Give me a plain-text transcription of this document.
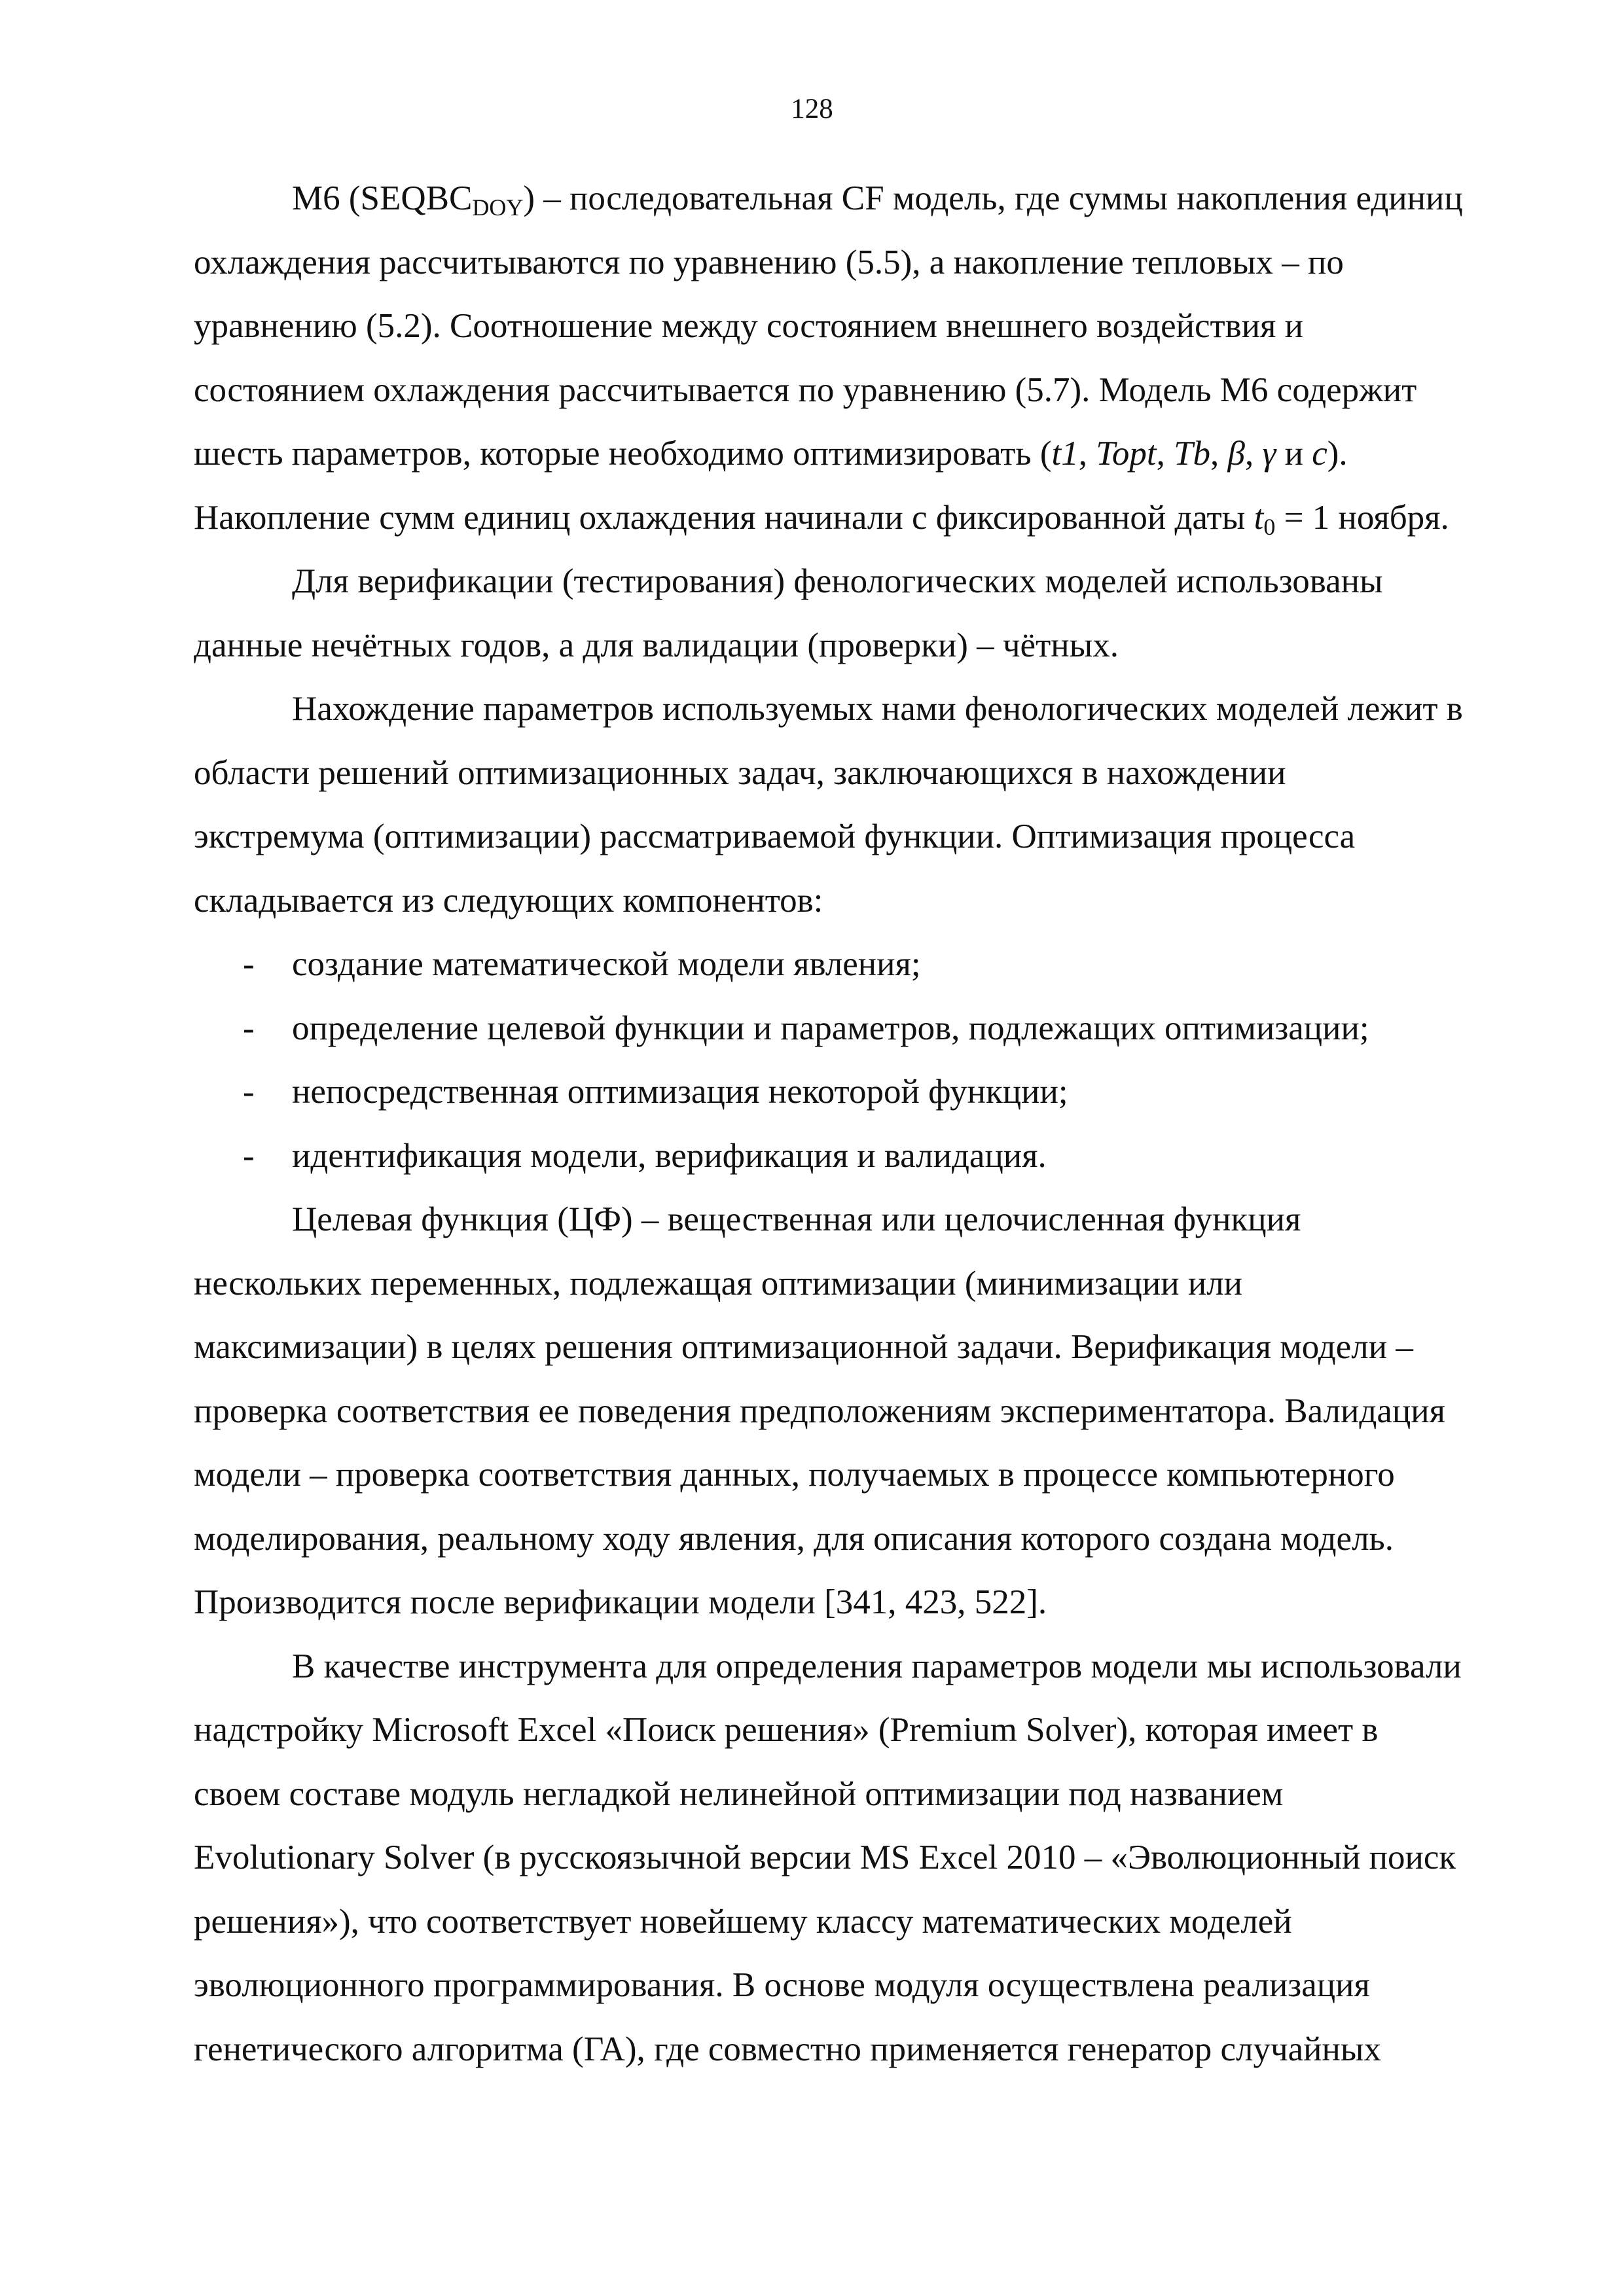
128

М6 $(SEQBC_{DOY})$ – последовательная CF модель, где суммы накопления единиц
охлаждения рассчитываются по уравнению (5.5), а накопление тепловых – по
уравнению (5.2). Соотношение между состоянием внешнего воздействия и
состоянием охлаждения рассчитывается по уравнению (5.7). Модель М6 содержит
шесть параметров, которые необходимо оптимизировать (t1, Topt, Tb, β, γ и c).
Накопление сумм единиц охлаждения начинали с фиксированной даты $t_0 = 1$ ноября.

Для верификации (тестирования) фенологических моделей использованы
данные нечётных годов, а для валидации (проверки) – чётных.

Нахождение параметров используемых нами фенологических моделей лежит в
области решений оптимизационных задач, заключающихся в нахождении
экстремума (оптимизации) рассматриваемой функции. Оптимизация процесса
складывается из следующих компонентов:

-	создание математической модели явления;
-	определение целевой функции и параметров, подлежащих оптимизации;
-	непосредственная оптимизация некоторой функции;
-	идентификация модели, верификация и валидация.

Целевая функция (ЦФ) – вещественная или целочисленная функция
нескольких переменных, подлежащая оптимизации (минимизации или
максимизации) в целях решения оптимизационной задачи. Верификация модели –
проверка соответствия ее поведения предположениям экспериментатора. Валидация
модели – проверка соответствия данных, получаемых в процессе компьютерного
моделирования, реальному ходу явления, для описания которого создана модель.
Производится после верификации модели [341, 423, 522].

В качестве инструмента для определения параметров модели мы использовали
надстройку Microsoft Excel «Поиск решения» (Premium Solver), которая имеет в
своем составе модуль негладкой нелинейной оптимизации под названием
Evolutionary Solver (в русскоязычной версии MS Excel 2010 – «Эволюционный поиск
решения»), что соответствует новейшему классу математических моделей
эволюционного программирования. В основе модуля осуществлена реализация
генетического алгоритма (ГА), где совместно применяется генератор случайных
